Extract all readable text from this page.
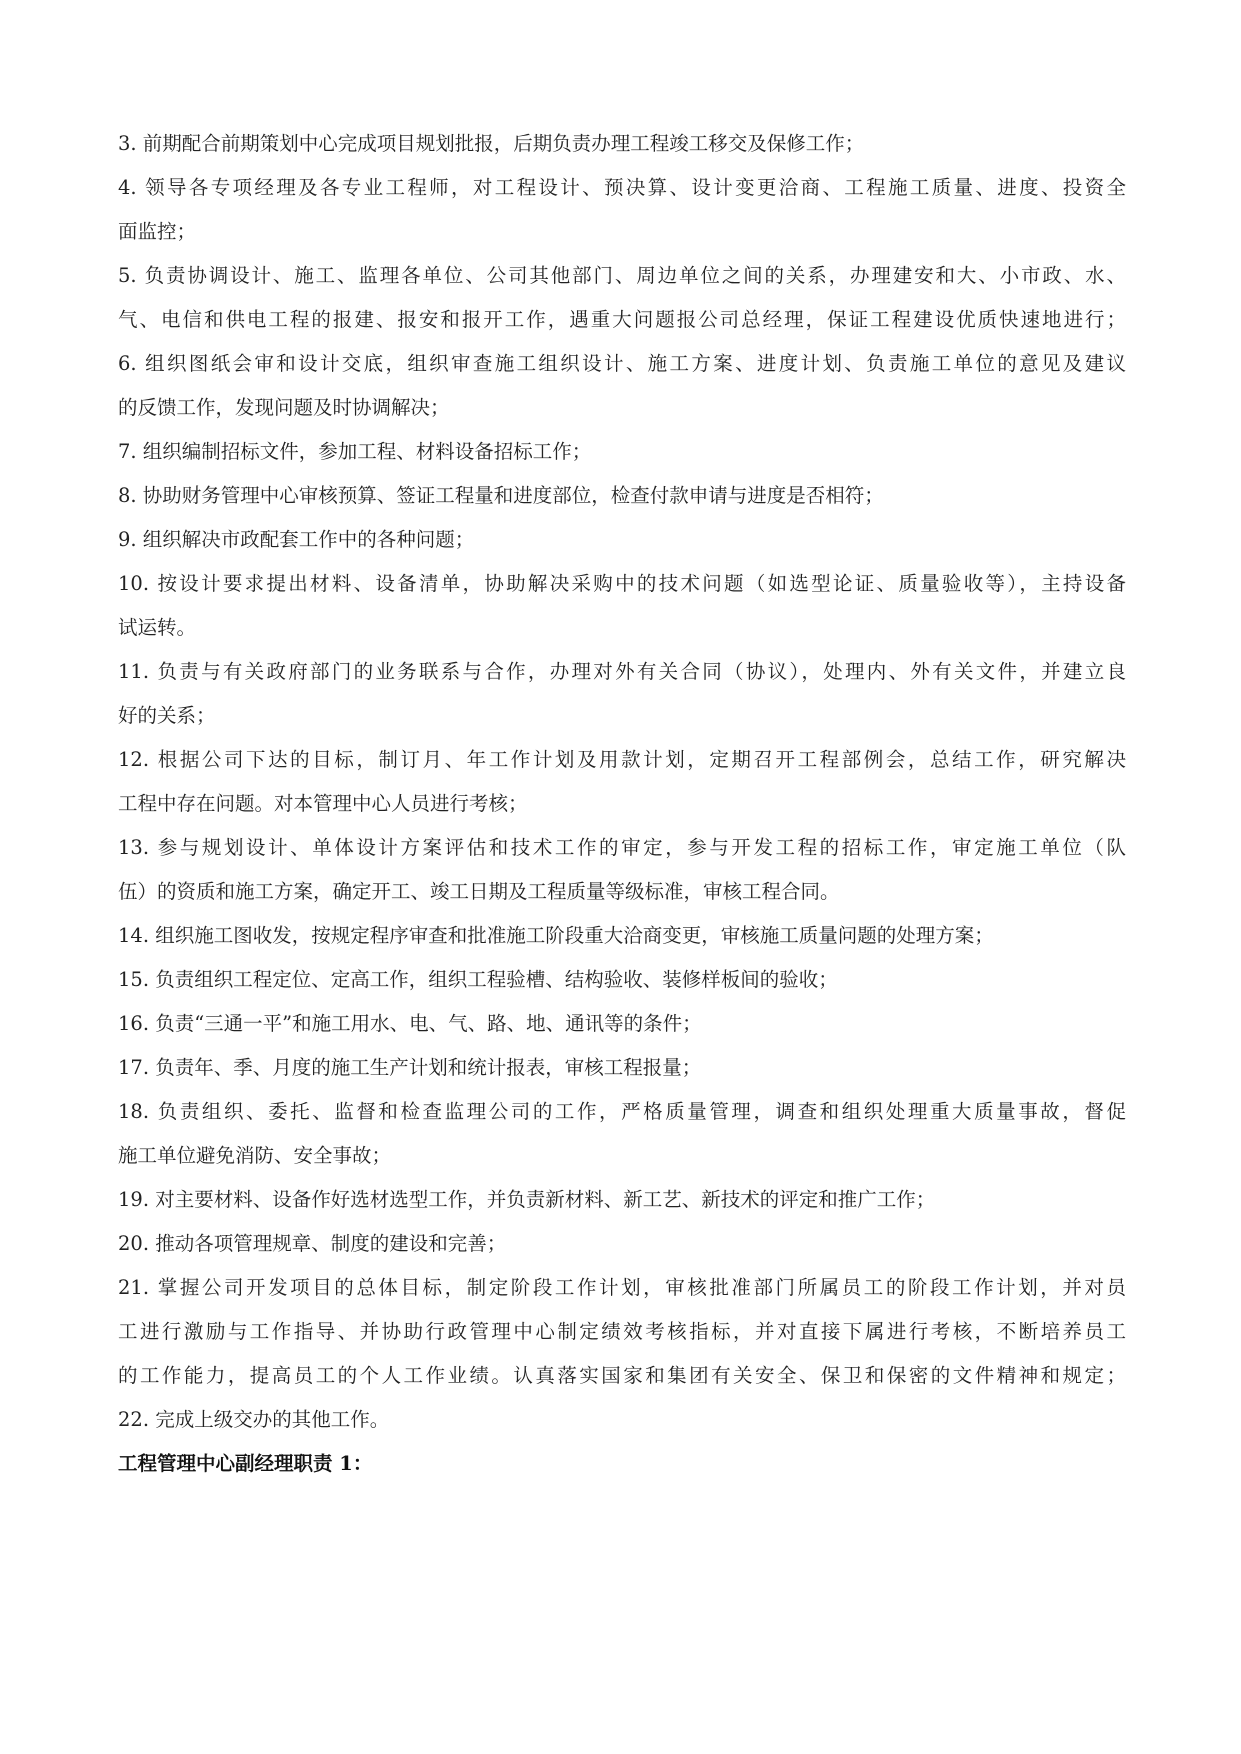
3. 前期配合前期策划中心完成项目规划批报，后期负责办理工程竣工移交及保修工作；
4. 领导各专项经理及各专业工程师，对工程设计、预决算、设计变更洽商、工程施工质量、进度、投资全
面监控；
5. 负责协调设计、施工、监理各单位、公司其他部门、周边单位之间的关系，办理建安和大、小市政、水、
气、电信和供电工程的报建、报安和报开工作，遇重大问题报公司总经理，保证工程建设优质快速地进行；
6. 组织图纸会审和设计交底，组织审查施工组织设计、施工方案、进度计划、负责施工单位的意见及建议
的反馈工作，发现问题及时协调解决；
7. 组织编制招标文件，参加工程、材料设备招标工作；
8. 协助财务管理中心审核预算、签证工程量和进度部位，检查付款申请与进度是否相符；
9. 组织解决市政配套工作中的各种问题；
10. 按设计要求提出材料、设备清单，协助解决采购中的技术问题（如选型论证、质量验收等），主持设备
试运转。
11. 负责与有关政府部门的业务联系与合作，办理对外有关合同（协议），处理内、外有关文件，并建立良
好的关系；
12. 根据公司下达的目标，制订月、年工作计划及用款计划，定期召开工程部例会，总结工作，研究解决
工程中存在问题。对本管理中心人员进行考核；
13. 参与规划设计、单体设计方案评估和技术工作的审定，参与开发工程的招标工作，审定施工单位（队
伍）的资质和施工方案，确定开工、竣工日期及工程质量等级标准，审核工程合同。
14. 组织施工图收发，按规定程序审查和批准施工阶段重大洽商变更，审核施工质量问题的处理方案；
15. 负责组织工程定位、定高工作，组织工程验槽、结构验收、装修样板间的验收；
16. 负责“三通一平”和施工用水、电、气、路、地、通讯等的条件；
17. 负责年、季、月度的施工生产计划和统计报表，审核工程报量；
18. 负责组织、委托、监督和检查监理公司的工作，严格质量管理，调查和组织处理重大质量事故，督促
施工单位避免消防、安全事故；
19. 对主要材料、设备作好选材选型工作，并负责新材料、新工艺、新技术的评定和推广工作；
20. 推动各项管理规章、制度的建设和完善；
21. 掌握公司开发项目的总体目标，制定阶段工作计划，审核批准部门所属员工的阶段工作计划，并对员
工进行激励与工作指导、并协助行政管理中心制定绩效考核指标，并对直接下属进行考核，不断培养员工
的工作能力，提高员工的个人工作业绩。认真落实国家和集团有关安全、保卫和保密的文件精神和规定；
22. 完成上级交办的其他工作。
工程管理中心副经理职责 1：
